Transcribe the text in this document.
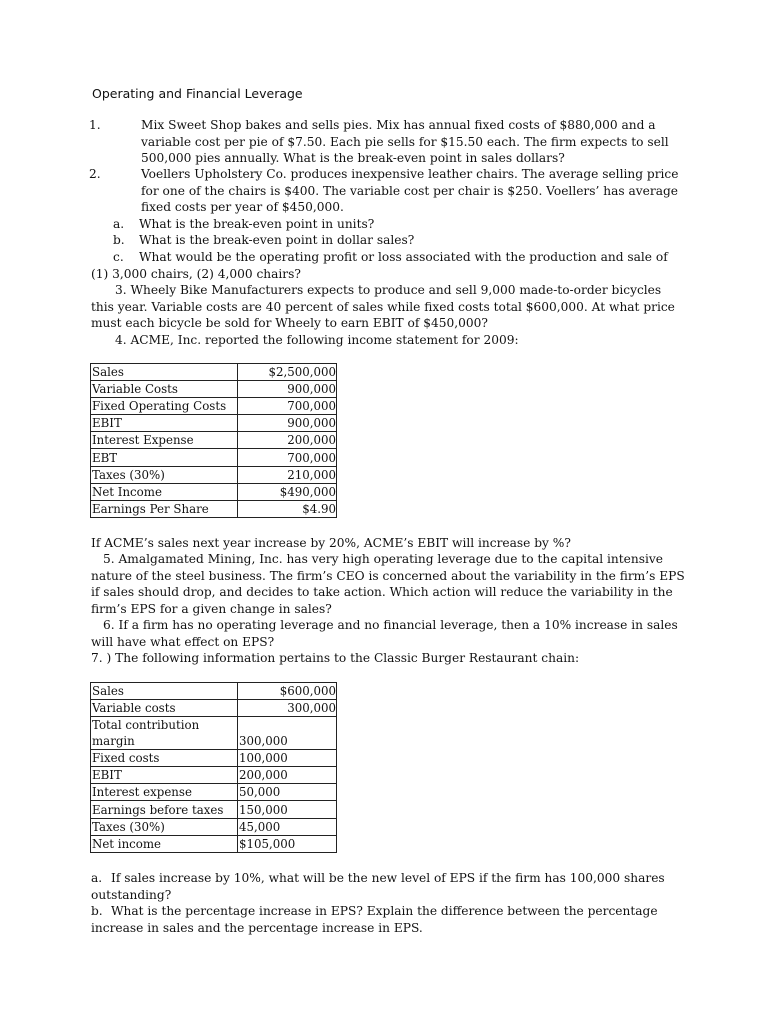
Operating and Financial Leverage
1.	Mix Sweet Shop bakes and sells pies. Mix has annual fixed costs of $880,000 and a variable cost per pie of $7.50. Each pie sells for $15.50 each. The firm expects to sell 500,000 pies annually. What is the break-even point in sales dollars?
2.	Voellers Upholstery Co. produces inexpensive leather chairs. The average selling price for one of the chairs is $400. The variable cost per chair is $250. Voellers’ has average fixed costs per year of $450,000.
a. What is the break-even point in units?
b. What is the break-even point in dollar sales?
c. What would be the operating profit or loss associated with the production and sale of (1) 3,000 chairs, (2) 4,000 chairs?
3. Wheely Bike Manufacturers expects to produce and sell 9,000 made-to-order bicycles this year. Variable costs are 40 percent of sales while fixed costs total $600,000. At what price must each bicycle be sold for Wheely to earn EBIT of $450,000?
4. ACME, Inc. reported the following income statement for 2009:
Sales	$2,500,000
Variable Costs	900,000
Fixed Operating Costs	700,000
EBIT	900,000
Interest Expense	200,000
EBT	700,000
Taxes (30%)	210,000
Net Income	$490,000
Earnings Per Share	$4.90
If ACME’s sales next year increase by 20%, ACME’s EBIT will increase by %?
5. Amalgamated Mining, Inc. has very high operating leverage due to the capital intensive nature of the steel business. The firm’s CEO is concerned about the variability in the firm’s EPS if sales should drop, and decides to take action. Which action will reduce the variability in the firm’s EPS for a given change in sales?
6. If a firm has no operating leverage and no financial leverage, then a 10% increase in sales will have what effect on EPS?
7. ) The following information pertains to the Classic Burger Restaurant chain:
Sales	$600,000
Variable costs	300,000
Total contribution
margin	300,000
Fixed costs	100,000
EBIT	200,000
Interest expense	50,000
Earnings before taxes	150,000
Taxes (30%)	45,000
Net income	$105,000
a. If sales increase by 10%, what will be the new level of EPS if the firm has 100,000 shares outstanding?
b. What is the percentage increase in EPS? Explain the difference between the percentage increase in sales and the percentage increase in EPS.
